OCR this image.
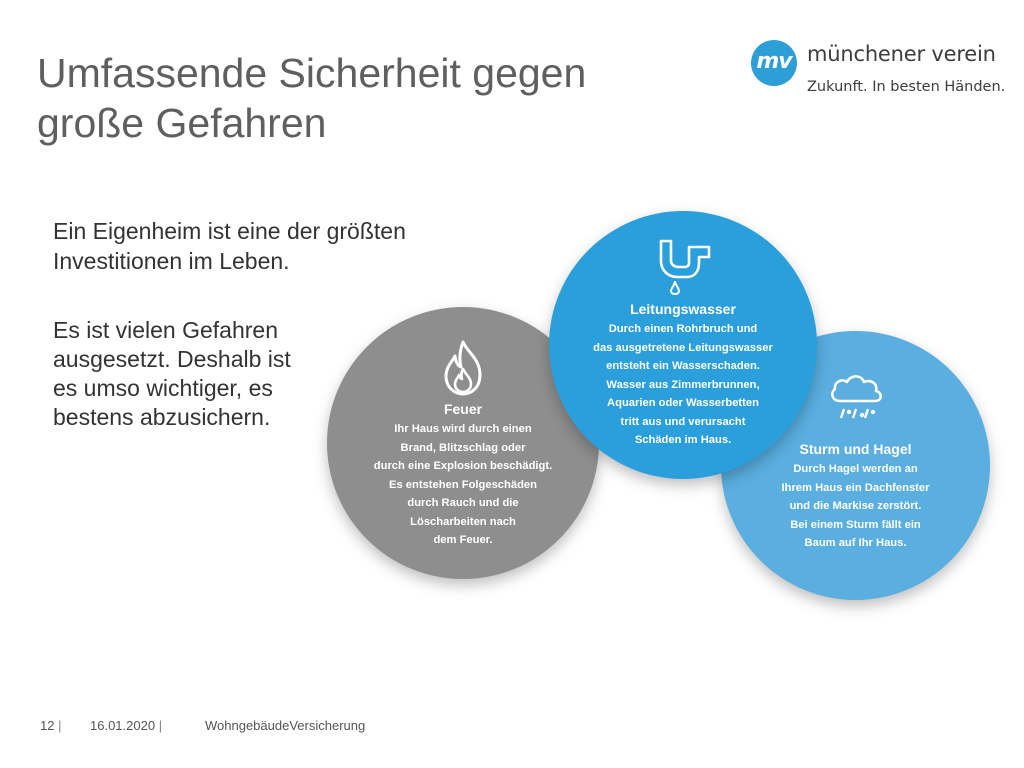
Umfassende Sicherheit gegen
große Gefahren
mv münchener verein
Zukunft. In besten Händen.

Ein Eigenheim ist eine der größten Investitionen im Leben.

Es ist vielen Gefahren ausgesetzt. Deshalb ist es umso wichtiger, es bestens abzusichern.	Feuer
Ihr Haus wird durch einen
Brand, Blitzschlag oder
durch eine Explosion beschädigt.
Es entstehen Folgeschäden
durch Rauch und die
Löscharbeiten nach
dem Feuer.
Sturm und Hagel
Durch Hagel werden an
Ihrem Haus ein Dachfenster
und die Markise zerstört.
Bei einem Sturm fällt ein
Baum auf Ihr Haus.
Leitungswasser
Durch einen Rohrbruch und
das ausgetretene Leitungswasser
entsteht ein Wasserschaden.
Wasser aus Zimmerbrunnen,
Aquarien oder Wasserbetten
tritt aus und verursacht
Schäden im Haus.
12 | 16.01.2020 |	WohngebäudeVersicherung
